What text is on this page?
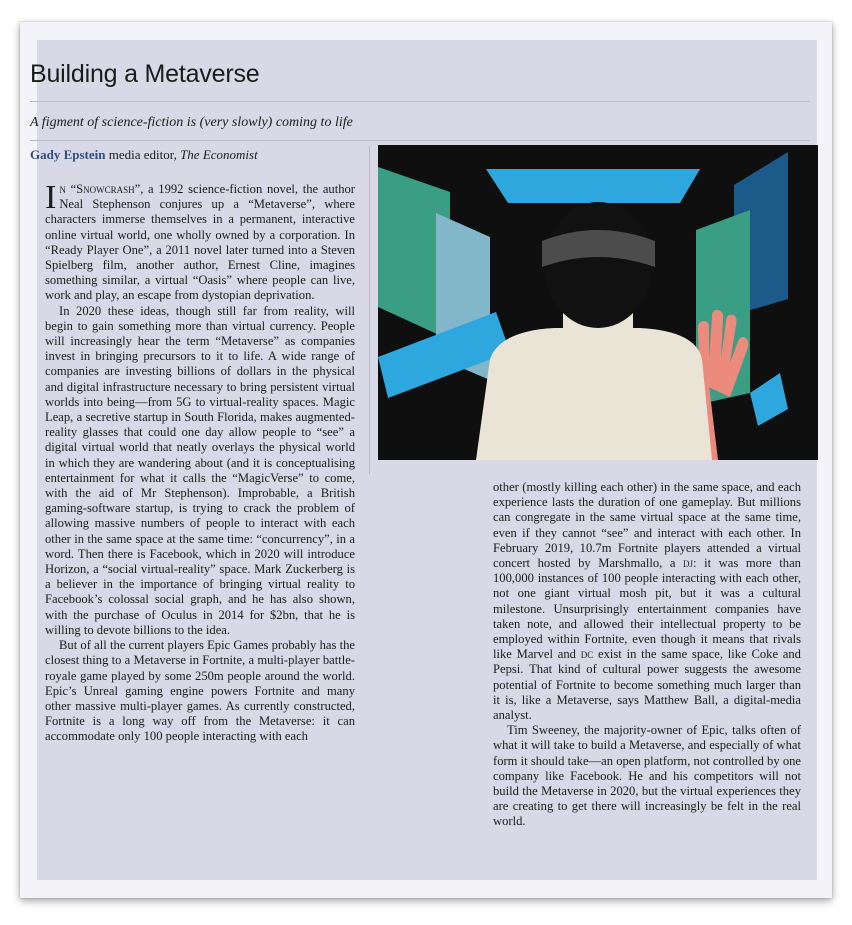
Building a Metaverse

A figment of science-fiction is (very slowly) coming to life

Gady Epstein media editor, The Economist

In “Snowcrash”, a 1992 science-fiction novel, the author Neal Stephenson conjures up a “Metaverse”, where characters immerse themselves in a permanent, interactive online virtual world, one wholly owned by a corporation. In “Ready Player One”, a 2011 novel later turned into a Steven Spielberg film, another author, Ernest Cline, imagines something similar, a virtual “Oasis” where people can live, work and play, an escape from dystopian deprivation.

In 2020 these ideas, though still far from reality, will begin to gain something more than virtual currency. People will increasingly hear the term “Metaverse” as companies invest in bringing precursors to it to life. A wide range of companies are investing billions of dollars in the physical and digital infrastructure necessary to bring persistent virtual worlds into being—from 5G to virtual-reality spaces. Magic Leap, a secretive startup in South Florida, makes augmented-reality glasses that could one day allow people to “see” a digital virtual world that neatly overlays the physical world in which they are wandering about (and it is conceptualising entertainment for what it calls the “MagicVerse” to come, with the aid of Mr Stephenson). Improbable, a British gaming-software startup, is trying to crack the problem of allowing massive numbers of people to interact with each other in the same space at the same time: “concurrency”, in a word. Then there is Facebook, which in 2020 will introduce Horizon, a “social virtual-reality” space. Mark Zuckerberg is a believer in the importance of bringing virtual reality to Facebook’s colossal social graph, and he has also shown, with the purchase of Oculus in 2014 for $2bn, that he is willing to devote billions to the idea.

But of all the current players Epic Games probably has the closest thing to a Metaverse in Fortnite, a multi-player battle-royale game played by some 250m people around the world. Epic’s Unreal gaming engine powers Fortnite and many other massive multi-player games. As currently constructed, Fortnite is a long way off from the Metaverse: it can accommodate only 100 people interacting with each

other (mostly killing each other) in the same space, and each experience lasts the duration of one gameplay. But millions can congregate in the same virtual space at the same time, even if they cannot “see” and interact with each other. In February 2019, 10.7m Fortnite players attended a virtual concert hosted by Marshmallo, a dj: it was more than 100,000 instances of 100 people interacting with each other, not one giant virtual mosh pit, but it was a cultural milestone. Unsurprisingly entertainment companies have taken note, and allowed their intellectual property to be employed within Fortnite, even though it means that rivals like Marvel and dc exist in the same space, like Coke and Pepsi. That kind of cultural power suggests the awesome potential of Fortnite to become something much larger than it is, like a Metaverse, says Matthew Ball, a digital-media analyst.

Tim Sweeney, the majority-owner of Epic, talks often of what it will take to build a Metaverse, and especially of what form it should take—an open platform, not controlled by one company like Facebook. He and his competitors will not build the Metaverse in 2020, but the virtual experiences they are creating to get there will increasingly be felt in the real world.
